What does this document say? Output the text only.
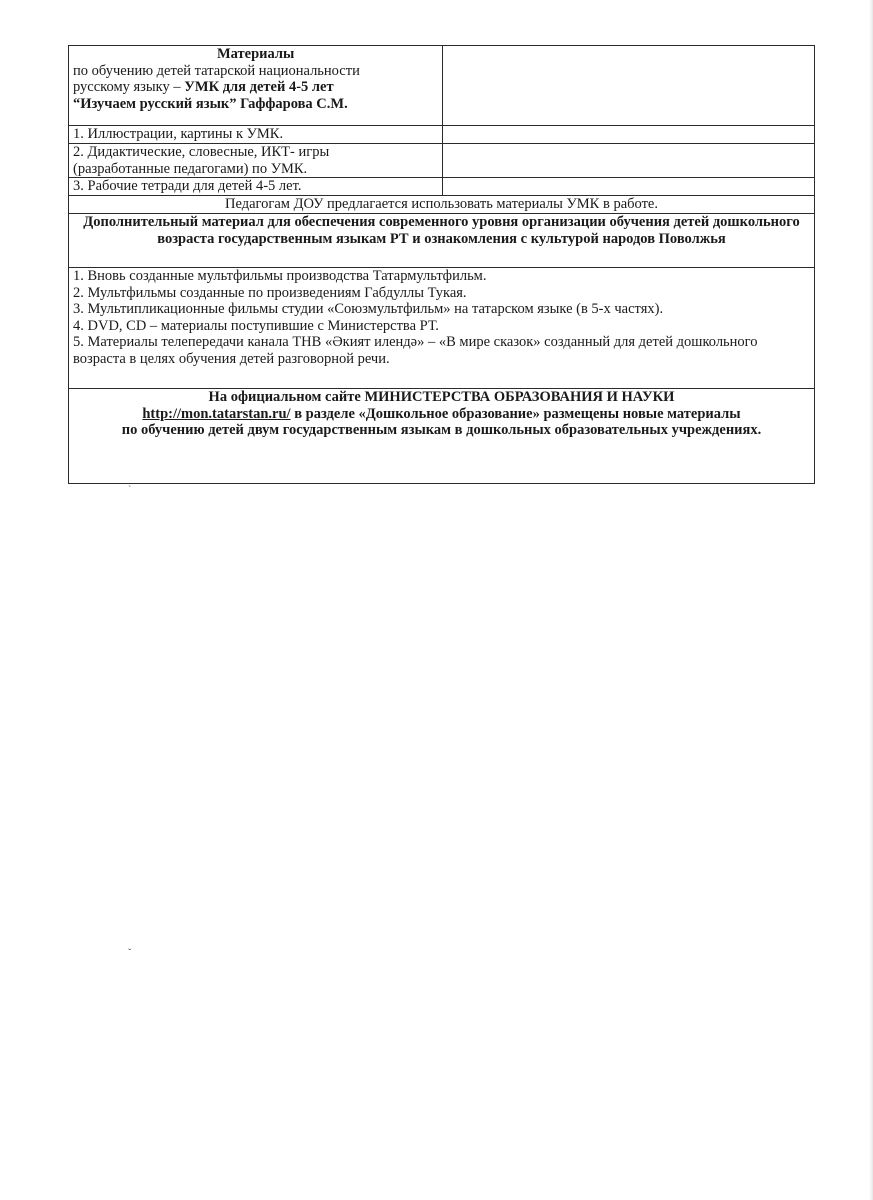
ˋ
ˇ
Материалы
по обучению детей татарской национальности
русскому языку – УМК для детей 4-5 лет
“Изучаем русский язык” Гаффарова С.М.	

1. Иллюстрации, картины к УМК.	

2. Дидактические, словесные, ИКТ- игры
(разработанные педагогами) по УМК.	

3. Рабочие тетради для детей 4-5 лет.	
Педагогам ДОУ предлагается использовать материалы УМК в работе.	
Дополнительный материал для обеспечения современного уровня организации обучения детей дошкольного возраста государственным языкам РТ и ознакомления с культурой народов Поволжья	

1. Вновь созданные мультфильмы производства Татармультфильм.
2. Мультфильмы созданные по произведениям Габдуллы Тукая.
3. Мультипликационные фильмы студии «Союзмультфильм» на татарском языке (в 5-х частях).
4. DVD, CD – материалы поступившие с Министерства РТ.
5. Материалы телепередачи канала ТНВ «Әкият илендә» – «В мире сказок» созданный для детей дошкольного возраста в целях обучения детей разговорной речи.	

На официальном сайте МИНИСТЕРСТВА ОБРАЗОВАНИЯ И НАУКИ
http://mon.tatarstan.ru/ в разделе «Дошкольное образование» размещены новые материалы
по обучению детей двум государственным языкам в дошкольных образовательных учреждениях.	
